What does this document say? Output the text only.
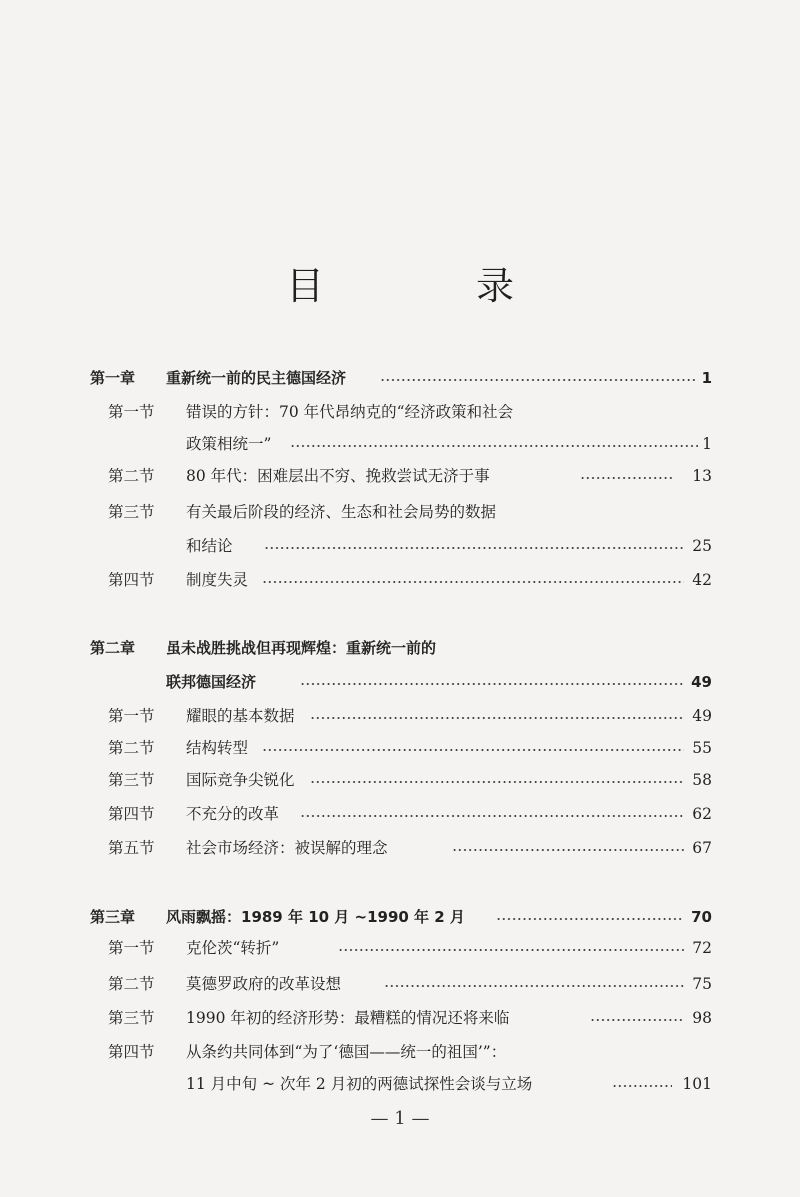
目 录
第一章 重新统一前的民主德国经济	1
第一节 错误的方针：70 年代昂纳克的“经济政策和社会
政策相统一”	1
第二节 80 年代：困难层出不穷、挽救尝试无济于事	13
第三节 有关最后阶段的经济、生态和社会局势的数据
和结论	25
第四节 制度失灵	42
第二章 虽未战胜挑战但再现辉煌：重新统一前的
联邦德国经济	49
第一节 耀眼的基本数据	49
第二节 结构转型	55
第三节 国际竞争尖锐化	58
第四节 不充分的改革	62
第五节 社会市场经济：被误解的理念	67
第三章 风雨飘摇：1989 年 10 月 ~1990 年 2 月	70
第一节 克伦茨“转折”	72
第二节 莫德罗政府的改革设想	75
第三节 1990 年初的经济形势：最糟糕的情况还将来临	98
第四节 从条约共同体到“为了‘德国——统一的祖国’”：
11 月中旬 ~ 次年 2 月初的两德试探性会谈与立场	101
— 1 —
